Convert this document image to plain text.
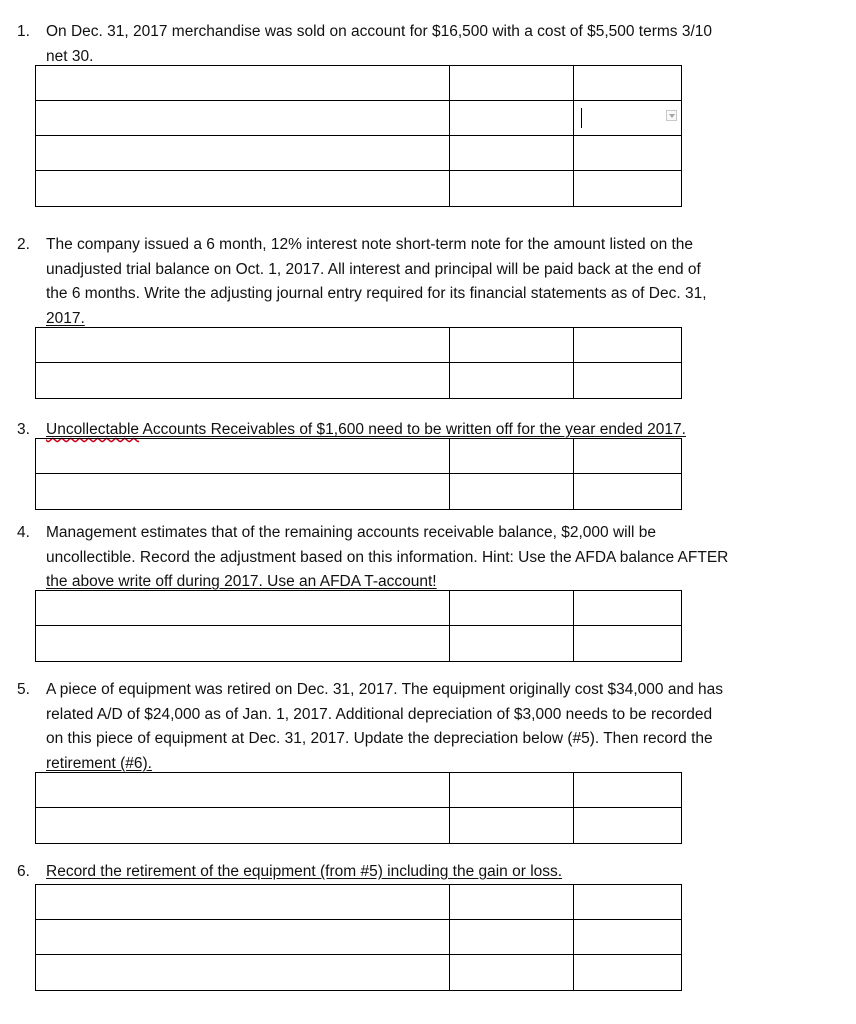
1. On Dec. 31, 2017 merchandise was sold on account for $16,500 with a cost of $5,500 terms 3/10
net 30.
2. The company issued a 6 month, 12% interest note short-term note for the amount listed on the
unadjusted trial balance on Oct. 1, 2017. All interest and principal will be paid back at the end of
the 6 months. Write the adjusting journal entry required for its financial statements as of Dec. 31,
2017.
3. Uncollectable Accounts Receivables of $1,600 need to be written off for the year ended 2017.
4. Management estimates that of the remaining accounts receivable balance, $2,000 will be
uncollectible. Record the adjustment based on this information. Hint: Use the AFDA balance AFTER
the above write off during 2017. Use an AFDA T-account!
5. A piece of equipment was retired on Dec. 31, 2017. The equipment originally cost $34,000 and has
related A/D of $24,000 as of Jan. 1, 2017. Additional depreciation of $3,000 needs to be recorded
on this piece of equipment at Dec. 31, 2017. Update the depreciation below (#5). Then record the
retirement (#6).
6. Record the retirement of the equipment (from #5) including the gain or loss.
